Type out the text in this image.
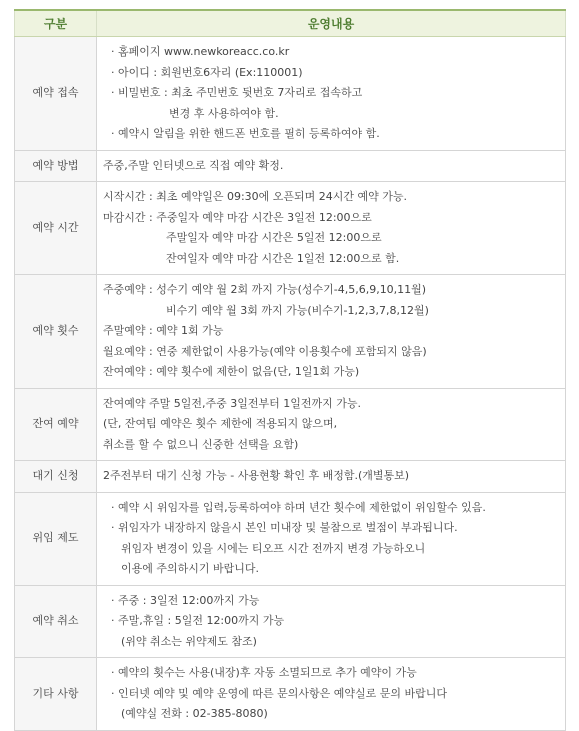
구분	운영내용
예약 접속	· 홈페이지 www.newkoreacc.co.kr
· 아이디 : 회원번호6자리 (Ex:110001)
· 비밀번호 : 최초 주민번호 뒷번호 7자리로 접속하고
변경 후 사용하여야 함.
· 예약시 알림을 위한 핸드폰 번호를 필히 등록하여야 함.

예약 방법	주중,주말 인터넷으로 직접 예약 확정.

예약 시간	시작시간 : 최초 예약일은 09:30에 오픈되며 24시간 예약 가능.
마감시간 : 주중일자 예약 마감 시간은 3일전 12:00으로
주말일자 예약 마감 시간은 5일전 12:00으로
잔여일자 예약 마감 시간은 1일전 12:00으로 함.

예약 횟수	주중예약 : 성수기 예약 월 2회 까지 가능(성수기-4,5,6,9,10,11월)
비수기 예약 월 3회 까지 가능(비수기-1,2,3,7,8,12월)
주말예약 : 예약 1회 가능
월요예약 : 연중 제한없이 사용가능(예약 이용횟수에 포함되지 않음)
잔여예약 : 예약 횟수에 제한이 없음(단, 1일1회 가능)

잔여 예약	잔여예약 주말 5일전,주중 3일전부터 1일전까지 가능.
(단, 잔여팀 예약은 횟수 제한에 적용되지 않으며,
취소를 할 수 없으니 신중한 선택을 요함)

대기 신청	2주전부터 대기 신청 가능 - 사용현황 확인 후 배정함.(개별통보)

위임 제도	· 예약 시 위임자를 입력,등록하여야 하며 년간 횟수에 제한없이 위임할수 있음.
· 위임자가 내장하지 않을시 본인 미내장 및 불참으로 벌점이 부과됩니다.
위임자 변경이 있을 시에는 티오프 시간 전까지 변경 가능하오니
이용에 주의하시기 바랍니다.

예약 취소	· 주중 : 3일전 12:00까지 가능
· 주말,휴일 : 5일전 12:00까지 가능
(위약 취소는 위약제도 참조)

기타 사항	· 예약의 횟수는 사용(내장)후 자동 소멸되므로 추가 예약이 가능
· 인터넷 예약 및 예약 운영에 따른 문의사항은 예약실로 문의 바랍니다
(예약실 전화 : 02-385-8080)
